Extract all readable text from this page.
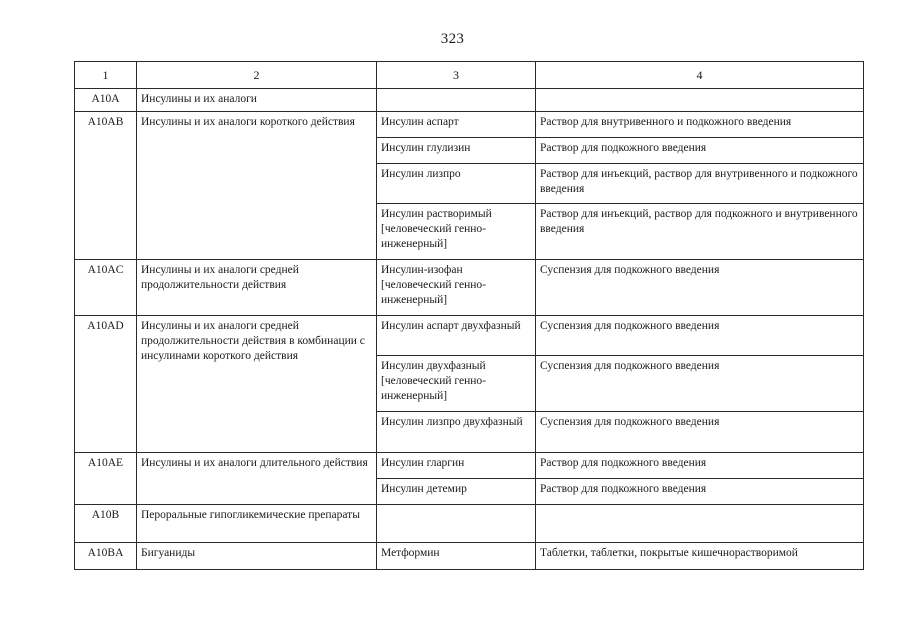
323
1	2	3	4
A10A	Инсулины и их аналоги		
A10AB	Инсулины и их аналоги короткого действия	Инсулин аспарт	Раствор для внутривенного и подкожного введения
		Инсулин глулизин	Раствор для подкожного введения
		Инсулин лизпро	Раствор для инъекций, раствор для внутривенного и подкожного введения
		Инсулин растворимый [человеческий генно-инженерный]	Раствор для инъекций, раствор для подкожного и внутривенного введения
A10AC	Инсулины и их аналоги средней продолжительности действия	Инсулин-изофан [человеческий генно-инженерный]	Суспензия для подкожного введения
A10AD	Инсулины и их аналоги средней продолжительности действия в комбинации с инсулинами короткого действия	Инсулин аспарт двухфазный	Суспензия для подкожного введения
		Инсулин двухфазный [человеческий генно-инженерный]	Суспензия для подкожного введения
		Инсулин лизпро двухфазный	Суспензия для подкожного введения
A10AE	Инсулины и их аналоги длительного действия	Инсулин гларгин	Раствор для подкожного введения
		Инсулин детемир	Раствор для подкожного введения
A10B	Пероральные гипогликемические препараты		
A10BA	Бигуаниды	Метформин	Таблетки, таблетки, покрытые кишечнорастворимой
